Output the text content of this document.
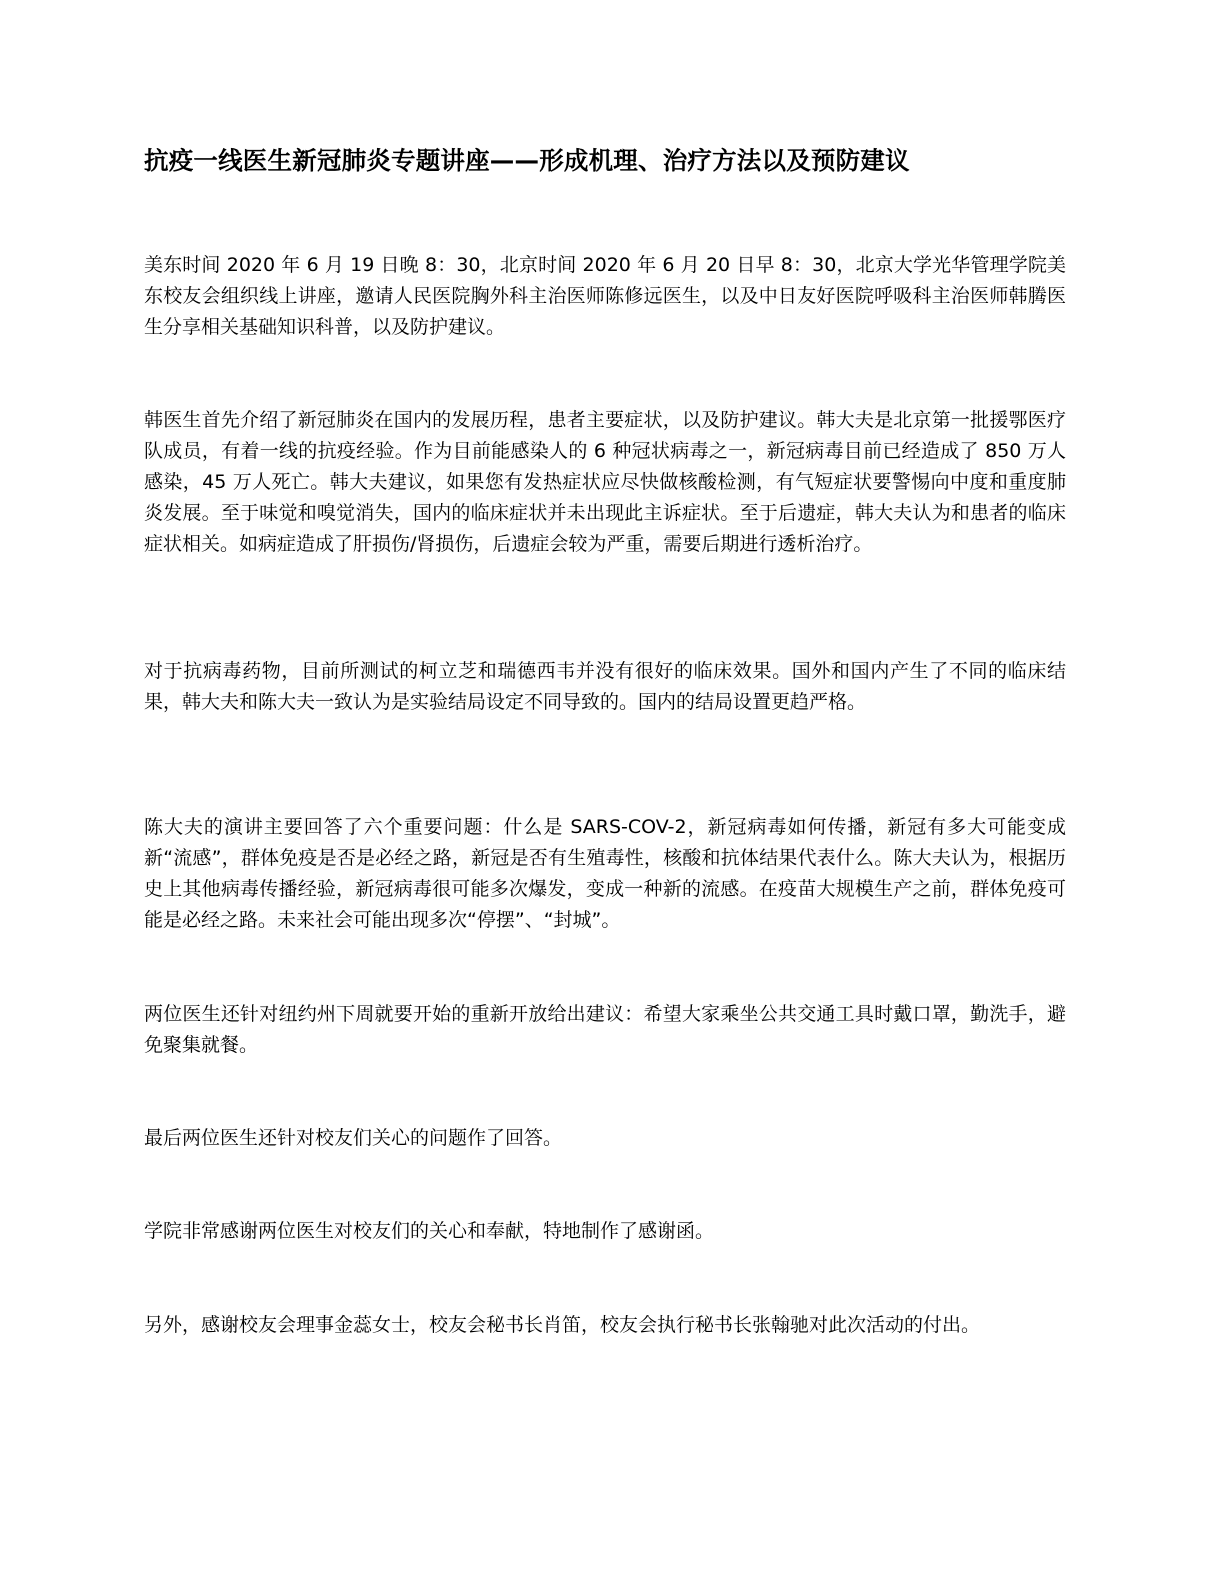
抗疫一线医生新冠肺炎专题讲座——形成机理、治疗方法以及预防建议

美东时间 2020 年 6 月 19 日晚 8：30，北京时间 2020 年 6 月 20 日早 8：30，北京大学光华管理学院美东校友会组织线上讲座，邀请人民医院胸外科主治医师陈修远医生，以及中日友好医院呼吸科主治医师韩腾医生分享相关基础知识科普，以及防护建议。

韩医生首先介绍了新冠肺炎在国内的发展历程，患者主要症状，以及防护建议。韩大夫是北京第一批援鄂医疗队成员，有着一线的抗疫经验。作为目前能感染人的 6 种冠状病毒之一，新冠病毒目前已经造成了 850 万人感染，45 万人死亡。韩大夫建议，如果您有发热症状应尽快做核酸检测，有气短症状要警惕向中度和重度肺炎发展。至于味觉和嗅觉消失，国内的临床症状并未出现此主诉症状。至于后遗症，韩大夫认为和患者的临床症状相关。如病症造成了肝损伤/肾损伤，后遗症会较为严重，需要后期进行透析治疗。

对于抗病毒药物，目前所测试的柯立芝和瑞德西韦并没有很好的临床效果。国外和国内产生了不同的临床结果，韩大夫和陈大夫一致认为是实验结局设定不同导致的。国内的结局设置更趋严格。

陈大夫的演讲主要回答了六个重要问题：什么是 SARS-COV-2，新冠病毒如何传播，新冠有多大可能变成新“流感”，群体免疫是否是必经之路，新冠是否有生殖毒性，核酸和抗体结果代表什么。陈大夫认为，根据历史上其他病毒传播经验，新冠病毒很可能多次爆发，变成一种新的流感。在疫苗大规模生产之前，群体免疫可能是必经之路。未来社会可能出现多次“停摆”、“封城”。

两位医生还针对纽约州下周就要开始的重新开放给出建议：希望大家乘坐公共交通工具时戴口罩，勤洗手，避免聚集就餐。

最后两位医生还针对校友们关心的问题作了回答。

学院非常感谢两位医生对校友们的关心和奉献，特地制作了感谢函。

另外，感谢校友会理事金蕊女士，校友会秘书长肖笛，校友会执行秘书长张翰驰对此次活动的付出。
